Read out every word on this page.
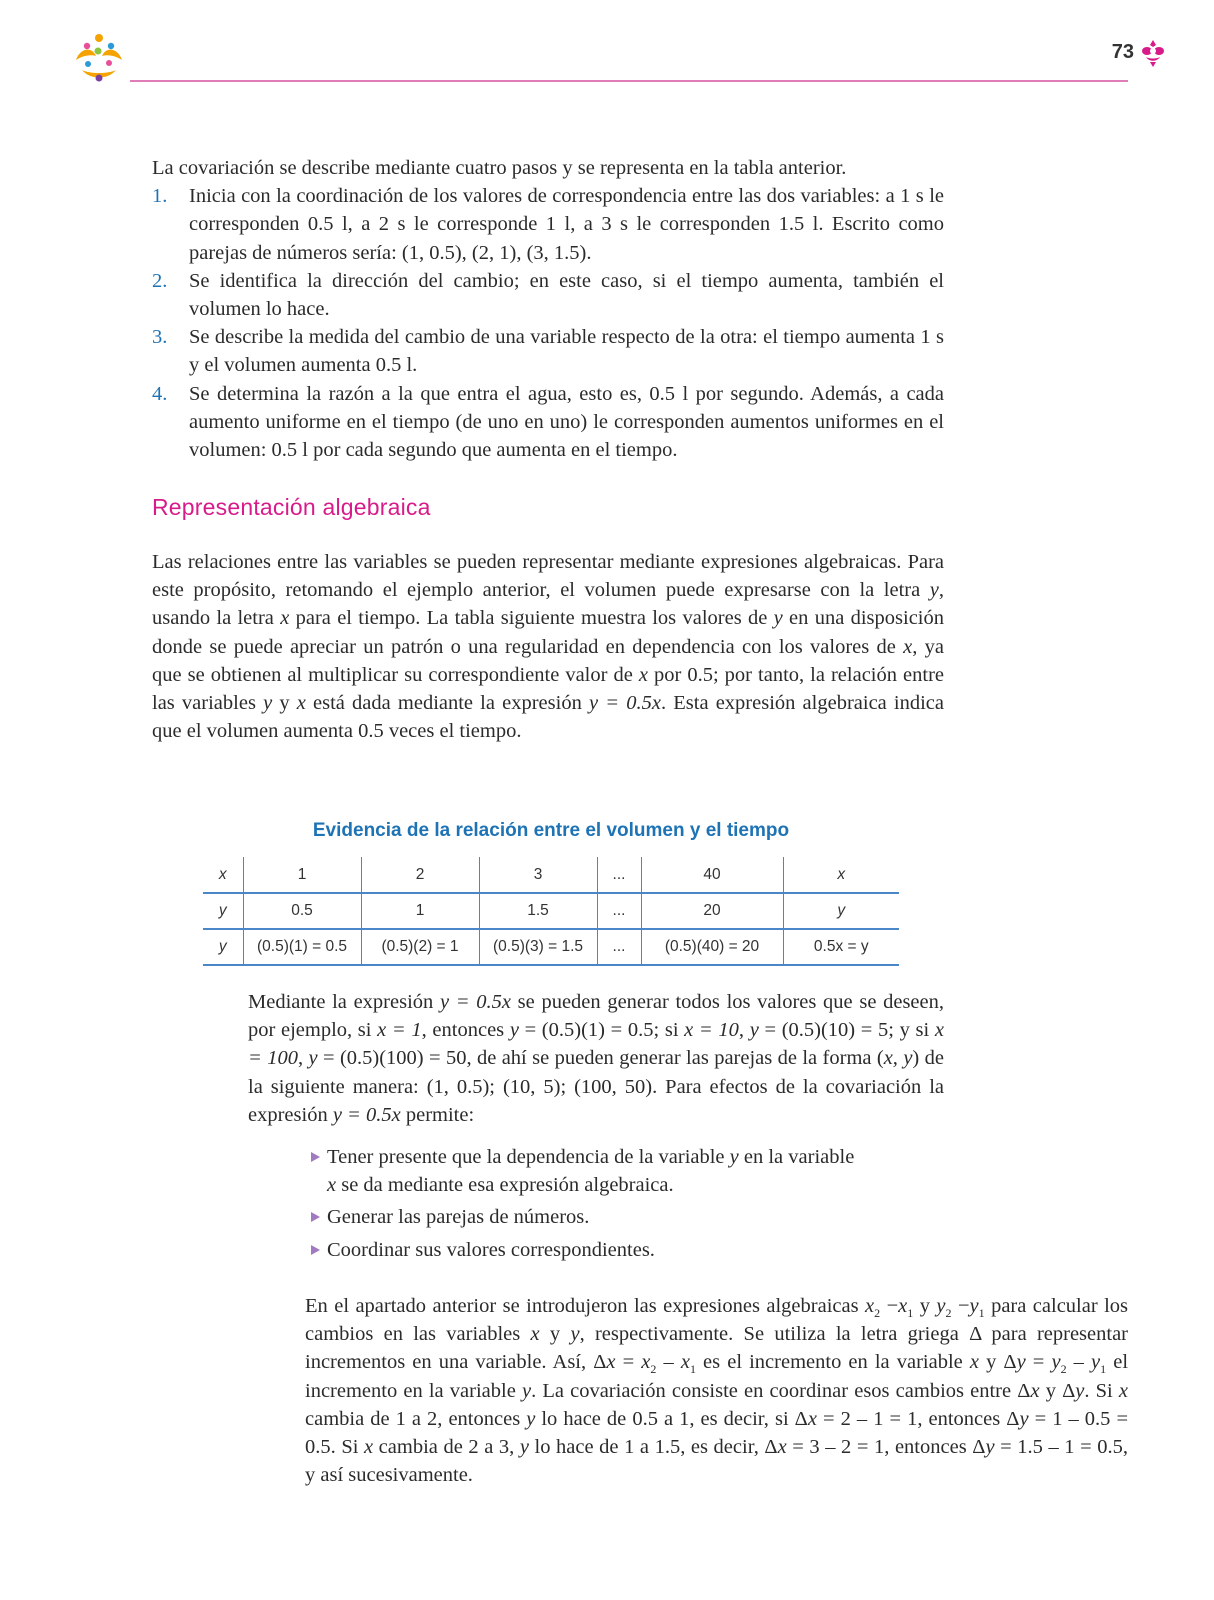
73

La covariación se describe mediante cuatro pasos y se representa en la tabla anterior.

1. Inicia con la coordinación de los valores de correspondencia entre las dos variables: a 1 s le corresponden 0.5 l, a 2 s le corresponde 1 l, a 3 s le corresponden 1.5 l. Escrito como parejas de números sería: (1, 0.5), (2, 1), (3, 1.5).
2. Se identifica la dirección del cambio; en este caso, si el tiempo aumenta, también el volumen lo hace.
3. Se describe la medida del cambio de una variable respecto de la otra: el tiempo aumenta 1 s y el volumen aumenta 0.5 l.
4. Se determina la razón a la que entra el agua, esto es, 0.5 l por segundo. Además, a cada aumento uniforme en el tiempo (de uno en uno) le corresponden aumentos uniformes en el volumen: 0.5 l por cada segundo que aumenta en el tiempo.
Representación algebraica

Las relaciones entre las variables se pueden representar mediante expresiones algebraicas. Para este propósito, retomando el ejemplo anterior, el volumen puede expresarse con la letra y, usando la letra x para el tiempo. La tabla siguiente muestra los valores de y en una disposición donde se puede apreciar un patrón o una regularidad en dependencia con los valores de x, ya que se obtienen al multiplicar su correspondiente valor de x por 0.5; por tanto, la relación entre las variables y y x está dada mediante la expresión y = 0.5x. Esta expresión algebraica indica que el volumen aumenta 0.5 veces el tiempo.

Evidencia de la relación entre el volumen y el tiempo
x	1	2	3	...	40	x
y	0.5	1	1.5	...	20	y
y	(0.5)(1) = 0.5	(0.5)(2) = 1	(0.5)(3) = 1.5	...	(0.5)(40) = 20	0.5x = y

Mediante la expresión y = 0.5x se pueden generar todos los valores que se deseen, por ejemplo, si x = 1, entonces y = (0.5)(1) = 0.5; si x = 10, y = (0.5)(10) = 5; y si x = 100, y = (0.5)(100) = 50, de ahí se pueden generar las parejas de la forma (x, y) de la siguiente manera: (1, 0.5); (10, 5); (100, 50). Para efectos de la covariación la expresión y = 0.5x permite:

Tener presente que la dependencia de la variable y en la variable
x se da mediante esa expresión algebraica.
Generar las parejas de números.
Coordinar sus valores correspondientes.

En el apartado anterior se introdujeron las expresiones algebraicas $x_2 -x_1$ y $y_2 -y_1$ para calcular los cambios en las variables x y y, respectivamente. Se utiliza la letra griega Δ para representar incrementos en una variable. Así, $\Delta x = x_2 - x_1$ es el incremento en la variable x y $\Delta y = y_2 - y_1$ el incremento en la variable y. La covariación consiste en coordinar esos cambios entre Δx y Δy. Si x cambia de 1 a 2, entonces y lo hace de 0.5 a 1, es decir, si Δx = 2 – 1 = 1, entonces Δy = 1 – 0.5 = 0.5. Si x cambia de 2 a 3, y lo hace de 1 a 1.5, es decir, Δx = 3 – 2 = 1, entonces Δy = 1.5 – 1 = 0.5, y así sucesivamente.
